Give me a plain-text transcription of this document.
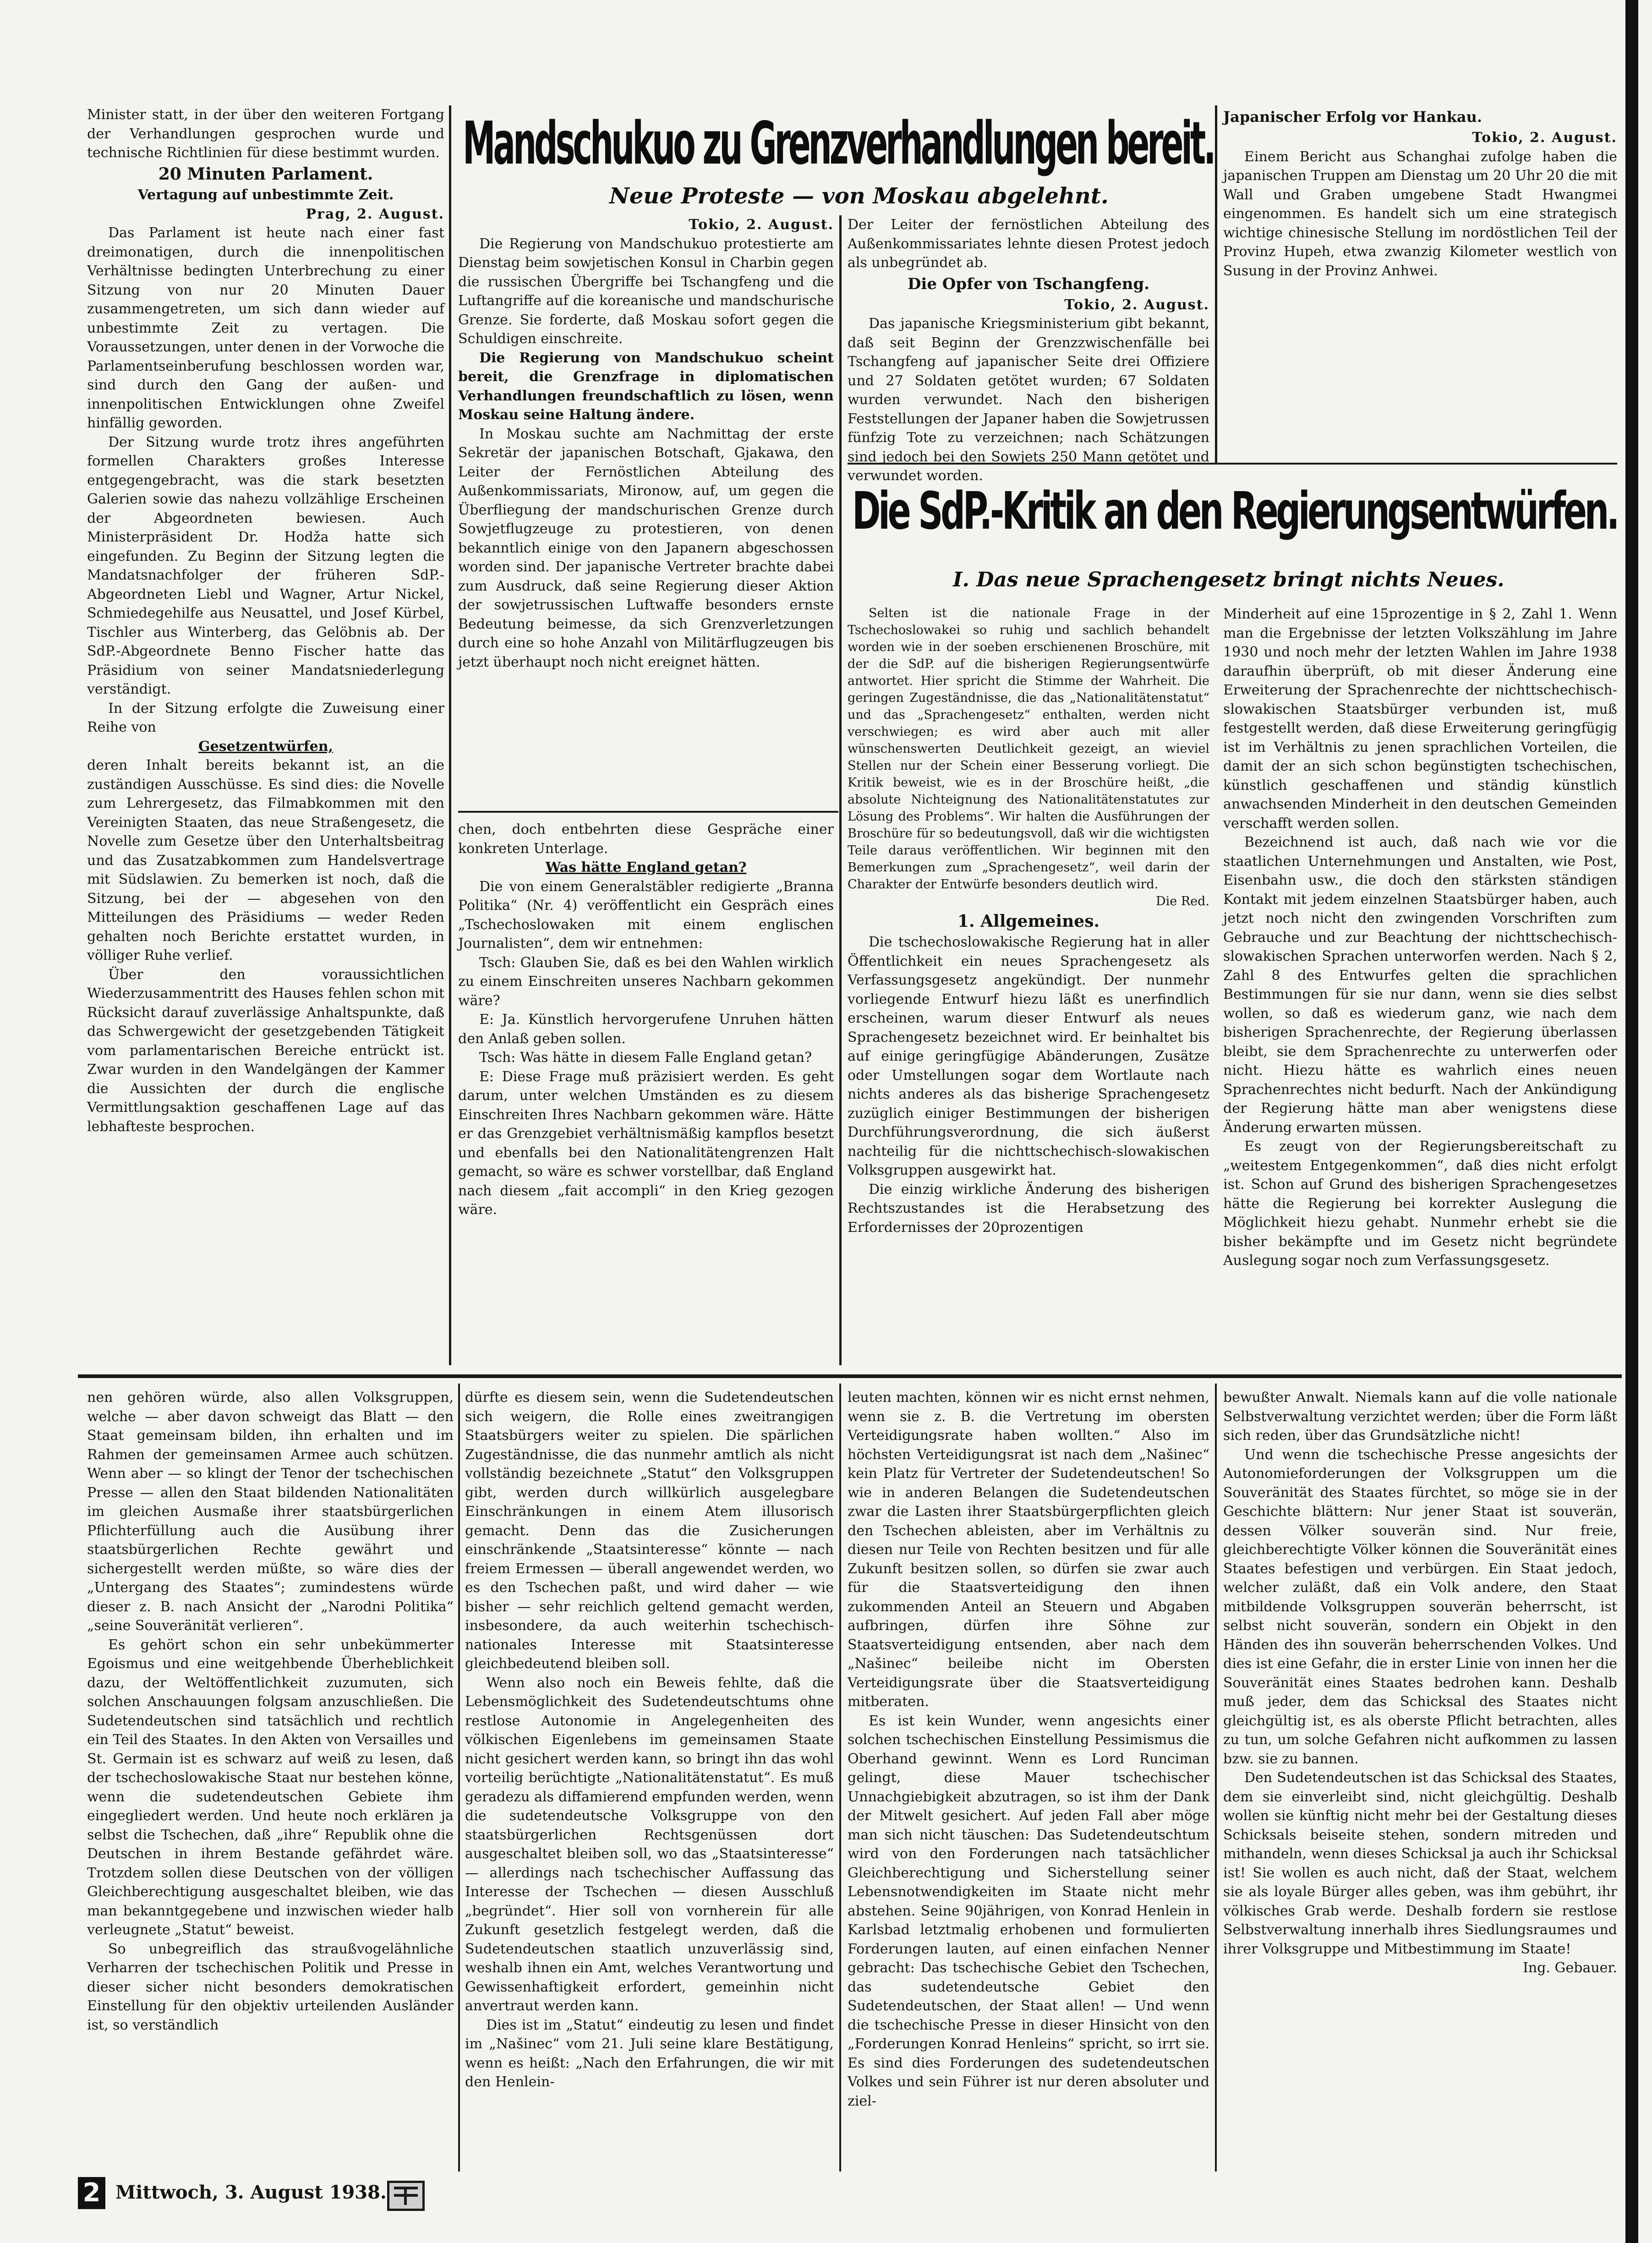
Minister statt, in der über den weiteren Fortgang der Verhandlungen gesprochen wurde und technische Richtlinien für diese bestimmt wurden.

20 Minuten Parlament.

Vertagung auf unbestimmte Zeit.

Prag, 2. August.

Das Parlament ist heute nach einer fast dreimonatigen, durch die innenpolitischen Verhältnisse bedingten Unterbrechung zu einer Sitzung von nur 20 Minuten Dauer zusammengetreten, um sich dann wieder auf unbestimmte Zeit zu vertagen. Die Voraussetzungen, unter denen in der Vorwoche die Parlamentseinberufung beschlossen worden war, sind durch den Gang der außen- und innenpolitischen Entwicklungen ohne Zweifel hinfällig geworden.

Der Sitzung wurde trotz ihres angeführten formellen Charakters großes Interesse entgegengebracht, was die stark besetzten Galerien sowie das nahezu vollzählige Erscheinen der Abgeordneten bewiesen. Auch Ministerpräsident Dr. Hodža hatte sich eingefunden. Zu Beginn der Sitzung legten die Mandatsnachfolger der früheren SdP.-Abgeordneten Liebl und Wagner, Artur Nickel, Schmiedegehilfe aus Neusattel, und Josef Kürbel, Tischler aus Winterberg, das Gelöbnis ab. Der SdP.-Abgeordnete Benno Fischer hatte das Präsidium von seiner Mandatsniederlegung verständigt.

In der Sitzung erfolgte die Zuweisung einer Reihe von

Gesetzentwürfen,

deren Inhalt bereits bekannt ist, an die zuständigen Ausschüsse. Es sind dies: die Novelle zum Lehrergesetz, das Filmabkommen mit den Vereinigten Staaten, das neue Straßengesetz, die Novelle zum Gesetze über den Unterhaltsbeitrag und das Zusatzabkommen zum Handelsvertrage mit Südslawien. Zu bemerken ist noch, daß die Sitzung, bei der — abgesehen von den Mitteilungen des Präsidiums — weder Reden gehalten noch Berichte erstattet wurden, in völliger Ruhe verlief.

Über den voraussichtlichen Wiederzusammentritt des Hauses fehlen schon mit Rücksicht darauf zuverlässige Anhaltspunkte, daß das Schwergewicht der gesetzgebenden Tätigkeit vom parlamentarischen Bereiche entrückt ist. Zwar wurden in den Wandelgängen der Kammer die Aussichten der durch die englische Vermittlungsaktion geschaffenen Lage auf das lebhafteste besprochen.

Mandschukuo zu Grenzverhandlungen bereit.
Neue Proteste — von Moskau abgelehnt.

Tokio, 2. August.

Die Regierung von Mandschukuo protestierte am Dienstag beim sowjetischen Konsul in Charbin gegen die russischen Übergriffe bei Tschangfeng und die Luftangriffe auf die koreanische und mandschurische Grenze. Sie forderte, daß Moskau sofort gegen die Schuldigen einschreite.

Die Regierung von Mandschukuo scheint bereit, die Grenzfrage in diplomatischen Verhandlungen freundschaftlich zu lösen, wenn Moskau seine Haltung ändere.

In Moskau suchte am Nachmittag der erste Sekretär der japanischen Botschaft, Gjakawa, den Leiter der Fernöstlichen Abteilung des Außenkommissariats, Mironow, auf, um gegen die Überfliegung der mandschurischen Grenze durch Sowjetflugzeuge zu protestieren, von denen bekanntlich einige von den Japanern abgeschossen worden sind. Der japanische Vertreter brachte dabei zum Ausdruck, daß seine Regierung dieser Aktion der sowjetrussischen Luftwaffe besonders ernste Bedeutung beimesse, da sich Grenzverletzungen durch eine so hohe Anzahl von Militärflugzeugen bis jetzt überhaupt noch nicht ereignet hätten.

Der Leiter der fernöstlichen Abteilung des Außenkommissariates lehnte diesen Protest jedoch als unbegründet ab.

Die Opfer von Tschangfeng.

Tokio, 2. August.

Das japanische Kriegsministerium gibt bekannt, daß seit Beginn der Grenzzwischenfälle bei Tschangfeng auf japanischer Seite drei Offiziere und 27 Soldaten getötet wurden; 67 Soldaten wurden verwundet. Nach den bisherigen Feststellungen der Japaner haben die Sowjetrussen fünfzig Tote zu verzeichnen; nach Schätzungen sind jedoch bei den Sowjets 250 Mann getötet und verwundet worden.

Japanischer Erfolg vor Hankau.

Tokio, 2. August.

Einem Bericht aus Schanghai zufolge haben die japanischen Truppen am Dienstag um 20 Uhr 20 die mit Wall und Graben umgebene Stadt Hwangmei eingenommen. Es handelt sich um eine strategisch wichtige chinesische Stellung im nordöstlichen Teil der Provinz Hupeh, etwa zwanzig Kilometer westlich von Susung in der Provinz Anhwei.

chen, doch entbehrten diese Gespräche einer konkreten Unterlage.

Was hätte England getan?

Die von einem Generalstäbler redigierte „Branna Politika“ (Nr. 4) veröffentlicht ein Gespräch eines „Tschechoslowaken mit einem englischen Journalisten“, dem wir entnehmen:

Tsch: Glauben Sie, daß es bei den Wahlen wirklich zu einem Einschreiten unseres Nachbarn gekommen wäre?

E: Ja. Künstlich hervorgerufene Unruhen hätten den Anlaß geben sollen.

Tsch: Was hätte in diesem Falle England getan?

E: Diese Frage muß präzisiert werden. Es geht darum, unter welchen Umständen es zu diesem Einschreiten Ihres Nachbarn gekommen wäre. Hätte er das Grenzgebiet verhältnismäßig kampflos besetzt und ebenfalls bei den Nationalitätengrenzen Halt gemacht, so wäre es schwer vorstellbar, daß England nach diesem „fait accompli“ in den Krieg gezogen wäre.

Die SdP.-Kritik an den Regierungsentwürfen.
I. Das neue Sprachengesetz bringt nichts Neues.

Selten ist die nationale Frage in der Tschechoslowakei so ruhig und sachlich behandelt worden wie in der soeben erschienenen Broschüre, mit der die SdP. auf die bisherigen Regierungsentwürfe antwortet. Hier spricht die Stimme der Wahrheit. Die geringen Zugeständnisse, die das „Nationalitätenstatut“ und das „Sprachengesetz“ enthalten, werden nicht verschwiegen; es wird aber auch mit aller wünschenswerten Deutlichkeit gezeigt, an wieviel Stellen nur der Schein einer Besserung vorliegt. Die Kritik beweist, wie es in der Broschüre heißt, „die absolute Nichteignung des Nationalitätenstatutes zur Lösung des Problems“. Wir halten die Ausführungen der Broschüre für so bedeutungsvoll, daß wir die wichtigsten Teile daraus veröffentlichen. Wir beginnen mit den Bemerkungen zum „Sprachengesetz“, weil darin der Charakter der Entwürfe besonders deutlich wird.

Die Red.

1. Allgemeines.

Die tschechoslowakische Regierung hat in aller Öffentlichkeit ein neues Sprachengesetz als Verfassungsgesetz angekündigt. Der nunmehr vorliegende Entwurf hiezu läßt es unerfindlich erscheinen, warum dieser Entwurf als neues Sprachengesetz bezeichnet wird. Er beinhaltet bis auf einige geringfügige Abänderungen, Zusätze oder Umstellungen sogar dem Wortlaute nach nichts anderes als das bisherige Sprachengesetz zuzüglich einiger Bestimmungen der bisherigen Durchführungsverordnung, die sich äußerst nachteilig für die nichttschechisch-slowakischen Volksgruppen ausgewirkt hat.

Die einzig wirkliche Änderung des bisherigen Rechtszustandes ist die Herabsetzung des Erfordernisses der 20prozentigen

Minderheit auf eine 15prozentige in § 2, Zahl 1. Wenn man die Ergebnisse der letzten Volkszählung im Jahre 1930 und noch mehr der letzten Wahlen im Jahre 1938 daraufhin überprüft, ob mit dieser Änderung eine Erweiterung der Sprachenrechte der nichttschechisch-slowakischen Staatsbürger verbunden ist, muß festgestellt werden, daß diese Erweiterung geringfügig ist im Verhältnis zu jenen sprachlichen Vorteilen, die damit der an sich schon begünstigten tschechischen, künstlich geschaffenen und ständig künstlich anwachsenden Minderheit in den deutschen Gemeinden verschafft werden sollen.

Bezeichnend ist auch, daß nach wie vor die staatlichen Unternehmungen und Anstalten, wie Post, Eisenbahn usw., die doch den stärksten ständigen Kontakt mit jedem einzelnen Staatsbürger haben, auch jetzt noch nicht den zwingenden Vorschriften zum Gebrauche und zur Beachtung der nichttschechisch-slowakischen Sprachen unterworfen werden. Nach § 2, Zahl 8 des Entwurfes gelten die sprachlichen Bestimmungen für sie nur dann, wenn sie dies selbst wollen, so daß es wiederum ganz, wie nach dem bisherigen Sprachenrechte, der Regierung überlassen bleibt, sie dem Sprachenrechte zu unterwerfen oder nicht. Hiezu hätte es wahrlich eines neuen Sprachenrechtes nicht bedurft. Nach der Ankündigung der Regierung hätte man aber wenigstens diese Änderung erwarten müssen.

Es zeugt von der Regierungsbereitschaft zu „weitestem Entgegenkommen“, daß dies nicht erfolgt ist. Schon auf Grund des bisherigen Sprachengesetzes hätte die Regierung bei korrekter Auslegung die Möglichkeit hiezu gehabt. Nunmehr erhebt sie die bisher bekämpfte und im Gesetz nicht begründete Auslegung sogar noch zum Verfassungsgesetz.

nen gehören würde, also allen Volksgruppen, welche — aber davon schweigt das Blatt — den Staat gemeinsam bilden, ihn erhalten und im Rahmen der gemeinsamen Armee auch schützen. Wenn aber — so klingt der Tenor der tschechischen Presse — allen den Staat bildenden Nationalitäten im gleichen Ausmaße ihrer staatsbürgerlichen Pflichterfüllung auch die Ausübung ihrer staatsbürgerlichen Rechte gewährt und sichergestellt werden müßte, so wäre dies der „Untergang des Staates“; zumindestens würde dieser z. B. nach Ansicht der „Narodni Politika“ „seine Souveränität verlieren“.

Es gehört schon ein sehr unbekümmerter Egoismus und eine weitgehbende Überheblichkeit dazu, der Weltöffentlichkeit zuzumuten, sich solchen Anschauungen folgsam anzuschließen. Die Sudetendeutschen sind tatsächlich und rechtlich ein Teil des Staates. In den Akten von Versailles und St. Germain ist es schwarz auf weiß zu lesen, daß der tschechoslowakische Staat nur bestehen könne, wenn die sudetendeutschen Gebiete ihm eingegliedert werden. Und heute noch erklären ja selbst die Tschechen, daß „ihre“ Republik ohne die Deutschen in ihrem Bestande gefährdet wäre. Trotzdem sollen diese Deutschen von der völligen Gleichberechtigung ausgeschaltet bleiben, wie das man bekanntgegebene und inzwischen wieder halb verleugnete „Statut“ beweist.

So unbegreiflich das straußvogelähnliche Verharren der tschechischen Politik und Presse in dieser sicher nicht besonders demokratischen Einstellung für den objektiv urteilenden Ausländer ist, so verständlich

dürfte es diesem sein, wenn die Sudetendeutschen sich weigern, die Rolle eines zweitrangigen Staatsbürgers weiter zu spielen. Die spärlichen Zugeständnisse, die das nunmehr amtlich als nicht vollständig bezeichnete „Statut“ den Volksgruppen gibt, werden durch willkürlich ausgelegbare Einschränkungen in einem Atem illusorisch gemacht. Denn das die Zusicherungen einschränkende „Staatsinteresse“ könnte — nach freiem Ermessen — überall angewendet werden, wo es den Tschechen paßt, und wird daher — wie bisher — sehr reichlich geltend gemacht werden, insbesondere, da auch weiterhin tschechisch-nationales Interesse mit Staatsinteresse gleichbedeutend bleiben soll.

Wenn also noch ein Beweis fehlte, daß die Lebensmöglichkeit des Sudetendeutschtums ohne restlose Autonomie in Angelegenheiten des völkischen Eigenlebens im gemeinsamen Staate nicht gesichert werden kann, so bringt ihn das wohl vorteilig berüchtigte „Nationalitätenstatut“. Es muß geradezu als diffamierend empfunden werden, wenn die sudetendeutsche Volksgruppe von den staatsbürgerlichen Rechtsgenüssen dort ausgeschaltet bleiben soll, wo das „Staatsinteresse“ — allerdings nach tschechischer Auffassung das Interesse der Tschechen — diesen Ausschluß „begründet“. Hier soll von vornherein für alle Zukunft gesetzlich festgelegt werden, daß die Sudetendeutschen staatlich unzuverlässig sind, weshalb ihnen ein Amt, welches Verantwortung und Gewissenhaftigkeit erfordert, gemeinhin nicht anvertraut werden kann.

Dies ist im „Statut“ eindeutig zu lesen und findet im „Našinec“ vom 21. Juli seine klare Bestätigung, wenn es heißt: „Nach den Erfahrungen, die wir mit den Henlein-

leuten machten, können wir es nicht ernst nehmen, wenn sie z. B. die Vertretung im obersten Verteidigungsrate haben wollten.“ Also im höchsten Verteidigungsrat ist nach dem „Našinec“ kein Platz für Vertreter der Sudetendeutschen! So wie in anderen Belangen die Sudetendeutschen zwar die Lasten ihrer Staatsbürgerpflichten gleich den Tschechen ableisten, aber im Verhältnis zu diesen nur Teile von Rechten besitzen und für alle Zukunft besitzen sollen, so dürfen sie zwar auch für die Staatsverteidigung den ihnen zukommenden Anteil an Steuern und Abgaben aufbringen, dürfen ihre Söhne zur Staatsverteidigung entsenden, aber nach dem „Našinec“ beileibe nicht im Obersten Verteidigungsrate über die Staatsverteidigung mitberaten.

Es ist kein Wunder, wenn angesichts einer solchen tschechischen Einstellung Pessimismus die Oberhand gewinnt. Wenn es Lord Runciman gelingt, diese Mauer tschechischer Unnachgiebigkeit abzutragen, so ist ihm der Dank der Mitwelt gesichert. Auf jeden Fall aber möge man sich nicht täuschen: Das Sudetendeutschtum wird von den Forderungen nach tatsächlicher Gleichberechtigung und Sicherstellung seiner Lebensnotwendigkeiten im Staate nicht mehr abstehen. Seine 90jährigen, von Konrad Henlein in Karlsbad letztmalig erhobenen und formulierten Forderungen lauten, auf einen einfachen Nenner gebracht: Das tschechische Gebiet den Tschechen, das sudetendeutsche Gebiet den Sudetendeutschen, der Staat allen! — Und wenn die tschechische Presse in dieser Hinsicht von den „Forderungen Konrad Henleins“ spricht, so irrt sie. Es sind dies Forderungen des sudetendeutschen Volkes und sein Führer ist nur deren absoluter und ziel-

bewußter Anwalt. Niemals kann auf die volle nationale Selbstverwaltung verzichtet werden; über die Form läßt sich reden, über das Grundsätzliche nicht!

Und wenn die tschechische Presse angesichts der Autonomieforderungen der Volksgruppen um die Souveränität des Staates fürchtet, so möge sie in der Geschichte blättern: Nur jener Staat ist souverän, dessen Völker souverän sind. Nur freie, gleichberechtigte Völker können die Souveränität eines Staates befestigen und verbürgen. Ein Staat jedoch, welcher zuläßt, daß ein Volk andere, den Staat mitbildende Volksgruppen souverän beherrscht, ist selbst nicht souverän, sondern ein Objekt in den Händen des ihn souverän beherrschenden Volkes. Und dies ist eine Gefahr, die in erster Linie von innen her die Souveränität eines Staates bedrohen kann. Deshalb muß jeder, dem das Schicksal des Staates nicht gleichgültig ist, es als oberste Pflicht betrachten, alles zu tun, um solche Gefahren nicht aufkommen zu lassen bzw. sie zu bannen.

Den Sudetendeutschen ist das Schicksal des Staates, dem sie einverleibt sind, nicht gleichgültig. Deshalb wollen sie künftig nicht mehr bei der Gestaltung dieses Schicksals beiseite stehen, sondern mitreden und mithandeln, wenn dieses Schicksal ja auch ihr Schicksal ist! Sie wollen es auch nicht, daß der Staat, welchem sie als loyale Bürger alles geben, was ihm gebührt, ihr völkisches Grab werde. Deshalb fordern sie restlose Selbstverwaltung innerhalb ihres Siedlungsraumes und ihrer Volksgruppe und Mitbestimmung im Staate!

Ing. Gebauer.

2 Mittwoch, 3. August 1938.
